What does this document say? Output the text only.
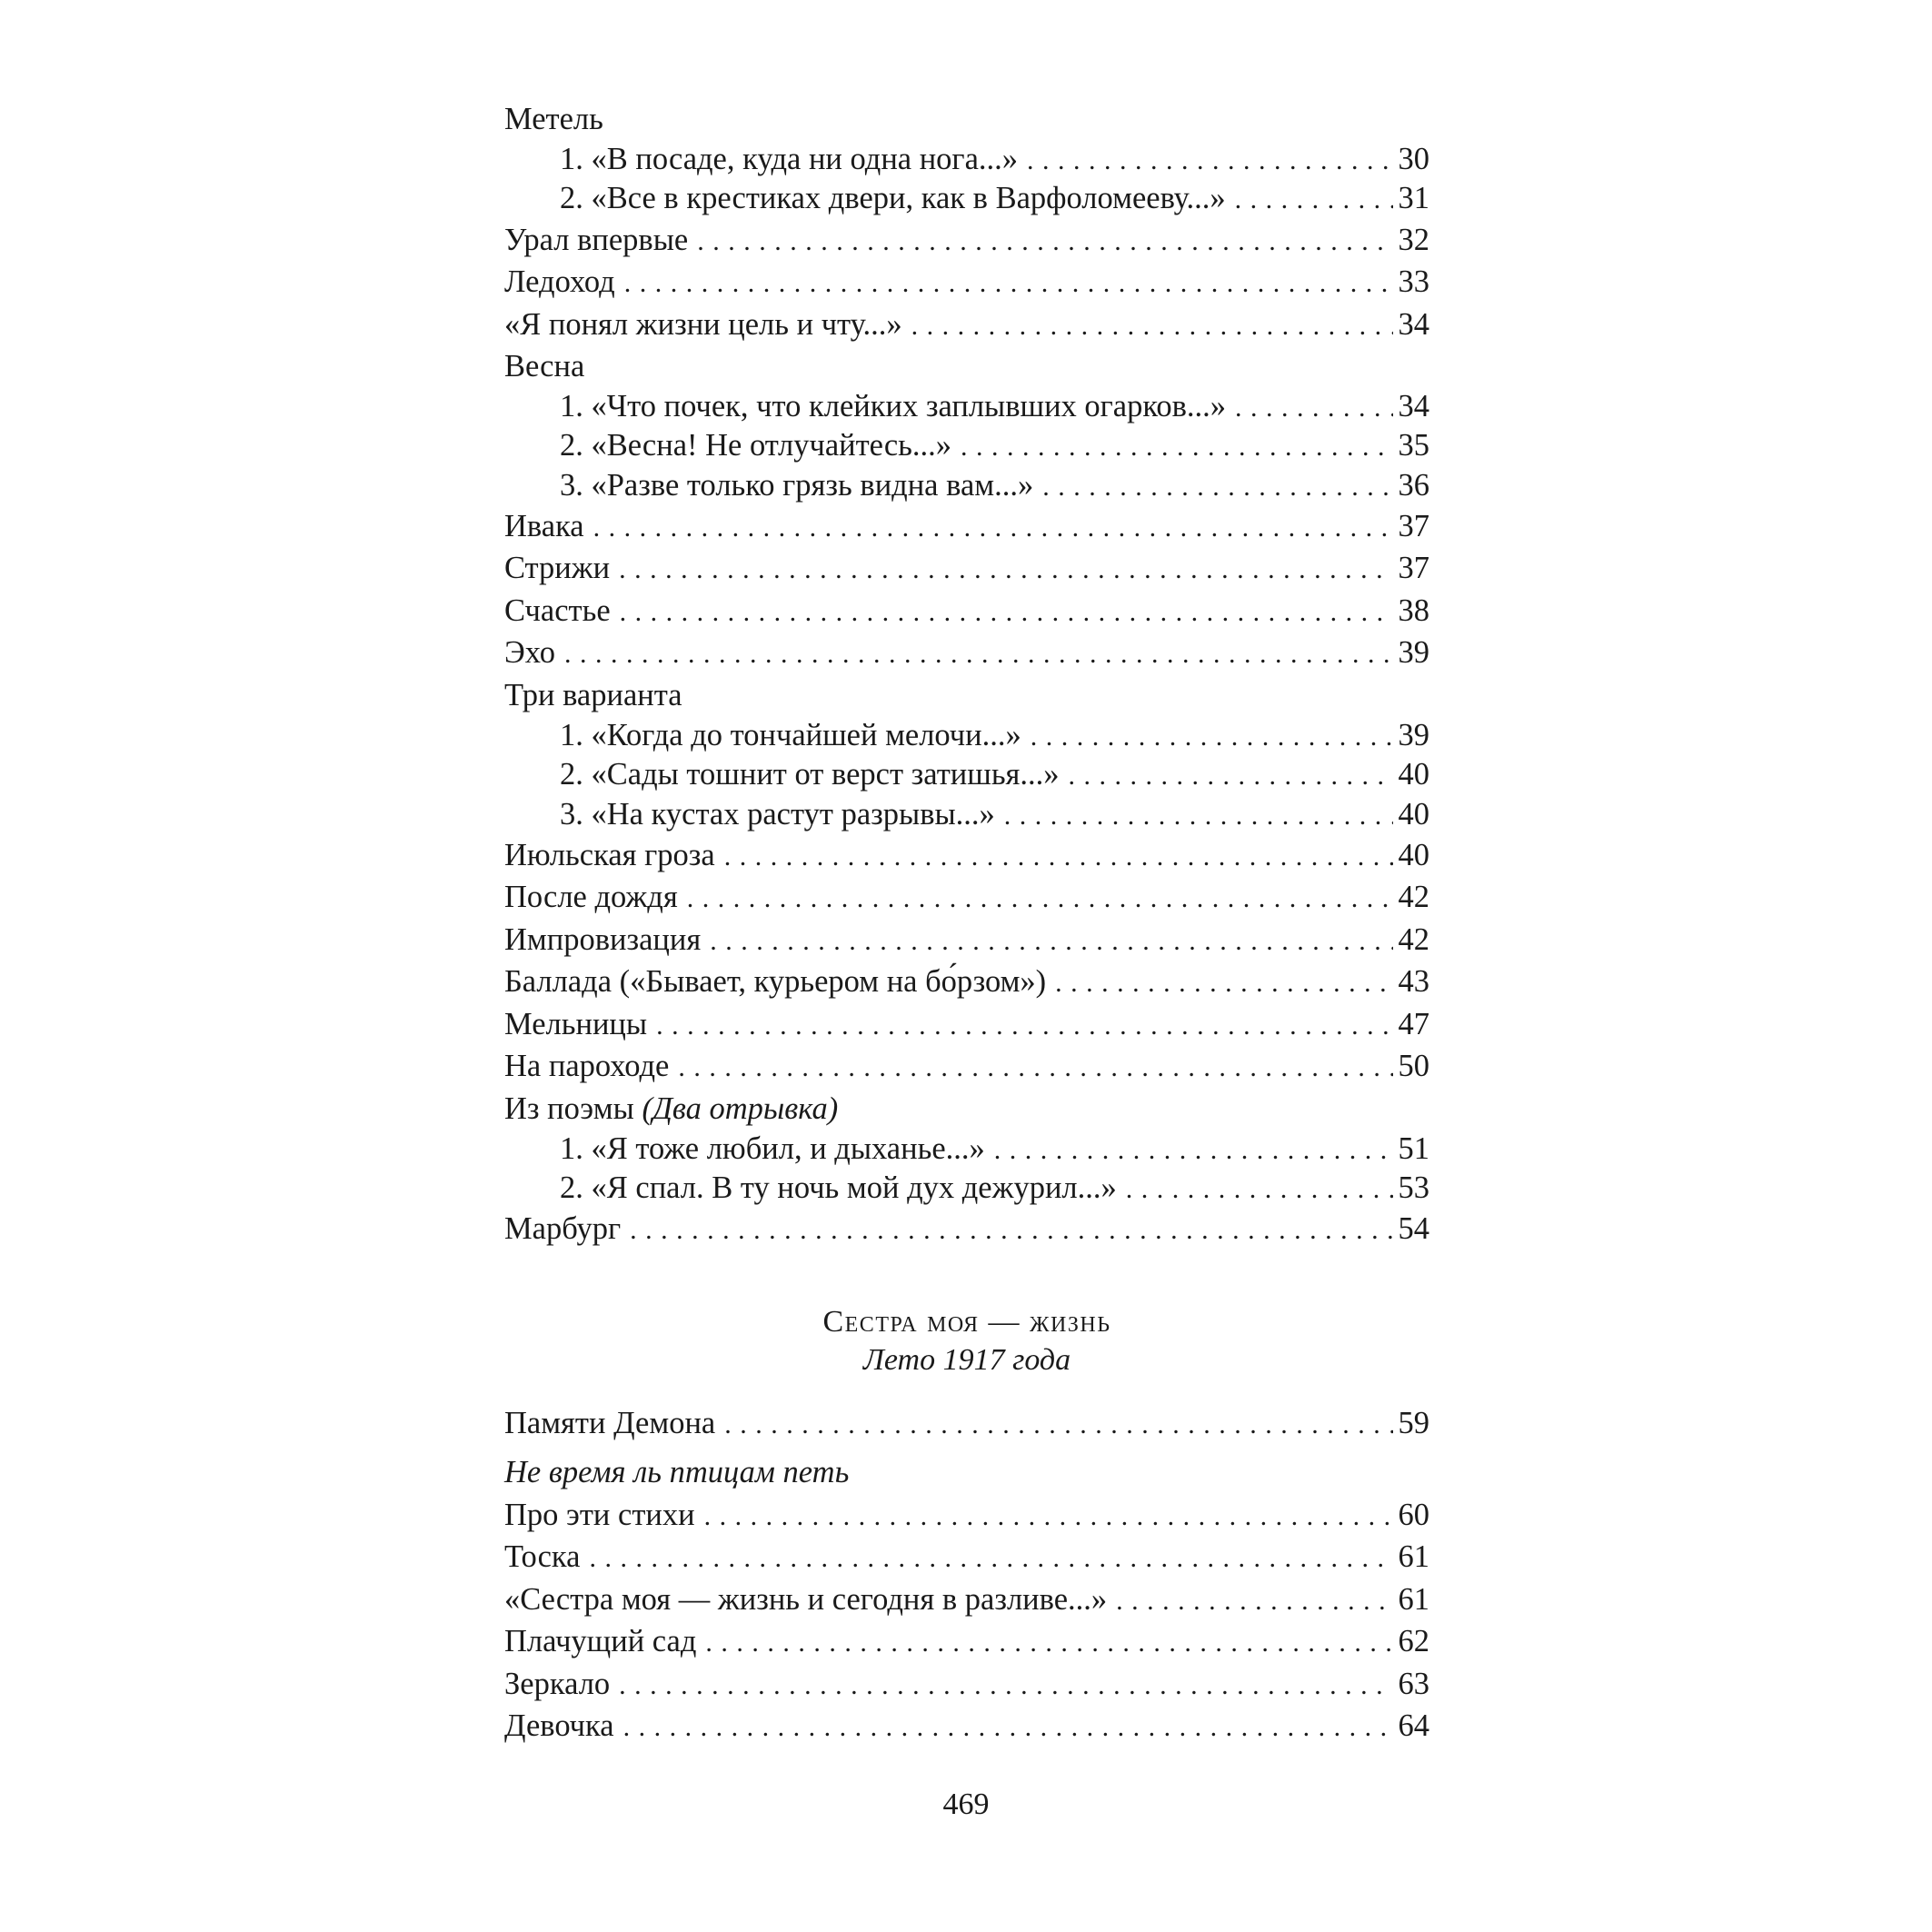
Метель
1. «В посаде, куда ни одна нога...» . . .	30
2. «Все в крестиках двери, как в Варфоломееву...» . . .	31
Урал впервые . . .	32
Ледоход . . .	33
«Я понял жизни цель и чту...» . . .	34
Весна
1. «Что почек, что клейких заплывших огарков...» . . .	34
2. «Весна! Не отлучайтесь...» . . .	35
3. «Разве только грязь видна вам...» . . .	36
Ивака . . .	37
Стрижи . . .	37
Счастье . . .	38
Эхо . . .	39
Три варианта
1. «Когда до тончайшей мелочи...» . . .	39
2. «Сады тошнит от верст затишья...» . . .	40
3. «На кустах растут разрывы...» . . .	40
Июльская гроза . . .	40
После дождя . . .	42
Импровизация . . .	42
Баллада («Бывает, курьером на бо́рзом») . . .	43
Мельницы . . .	47
На пароходе . . .	50
Из поэмы (Два отрывка)
1. «Я тоже любил, и дыханье...» . . .	51
2. «Я спал. В ту ночь мой дух дежурил...» . . .	53
Марбург . . .	54
Сестра моя — жизнь
Лето 1917 года
Памяти Демона . . .	59
Не время ль птицам петь
Про эти стихи . . .	60
Тоска . . .	61
«Сестра моя — жизнь и сегодня в разливе...» . . .	61
Плачущий сад . . .	62
Зеркало . . .	63
Девочка . . .	64
469
